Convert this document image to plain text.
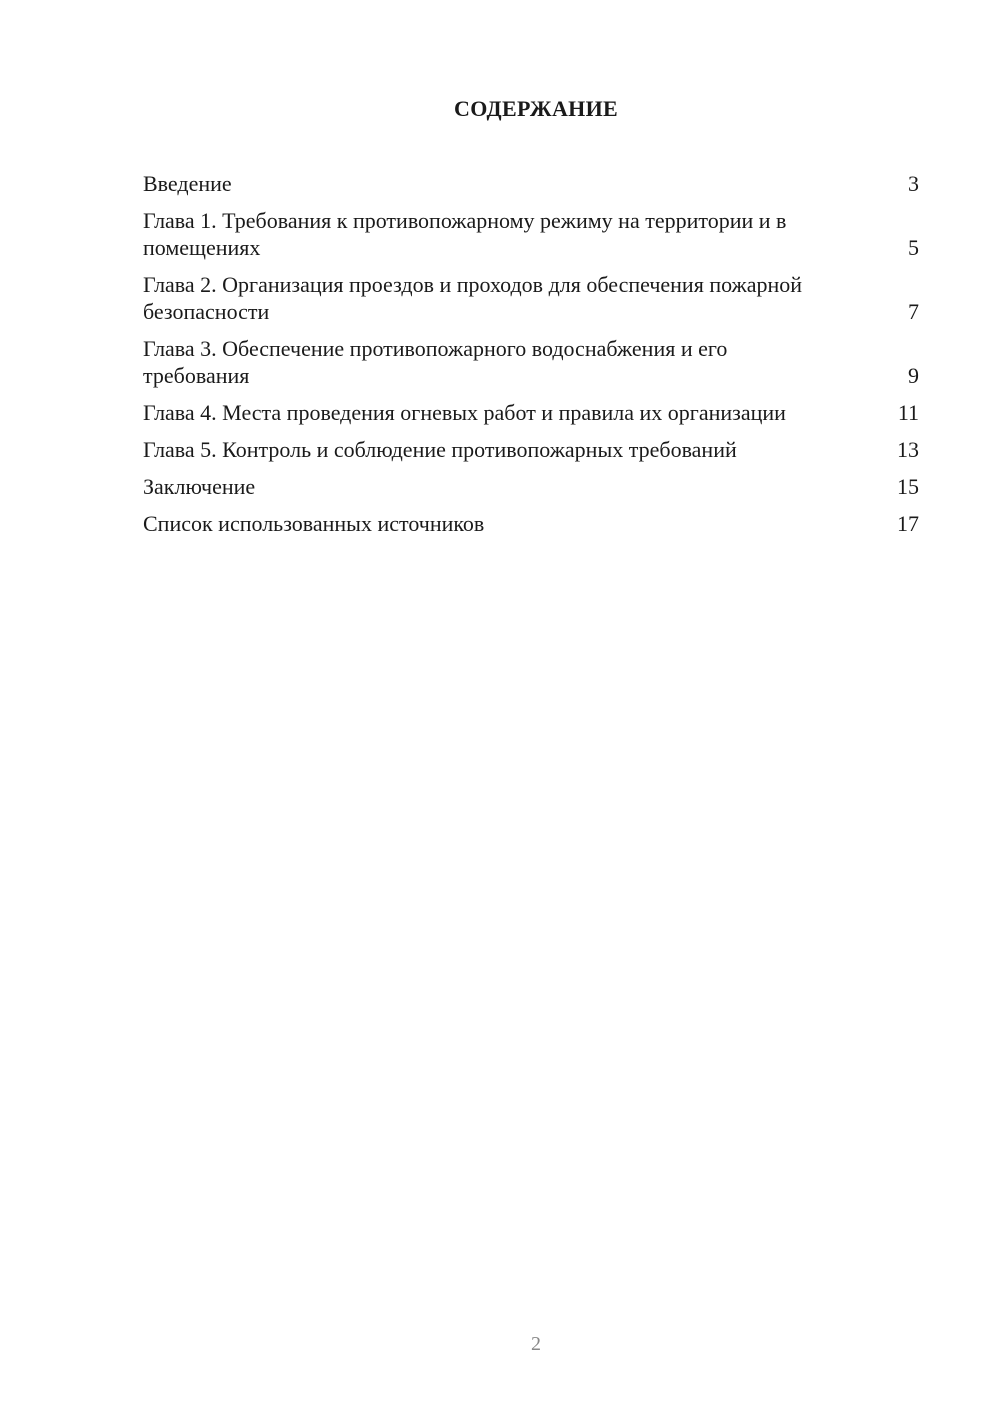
СОДЕРЖАНИЕ
Введение	3
Глава 1. Требования к противопожарному режиму на территории и в помещениях	5
Глава 2. Организация проездов и проходов для обеспечения пожарной безопасности	7
Глава 3. Обеспечение противопожарного водоснабжения и его требования	9
Глава 4. Места проведения огневых работ и правила их организации	11
Глава 5. Контроль и соблюдение противопожарных требований	13
Заключение	15
Список использованных источников	17
2
